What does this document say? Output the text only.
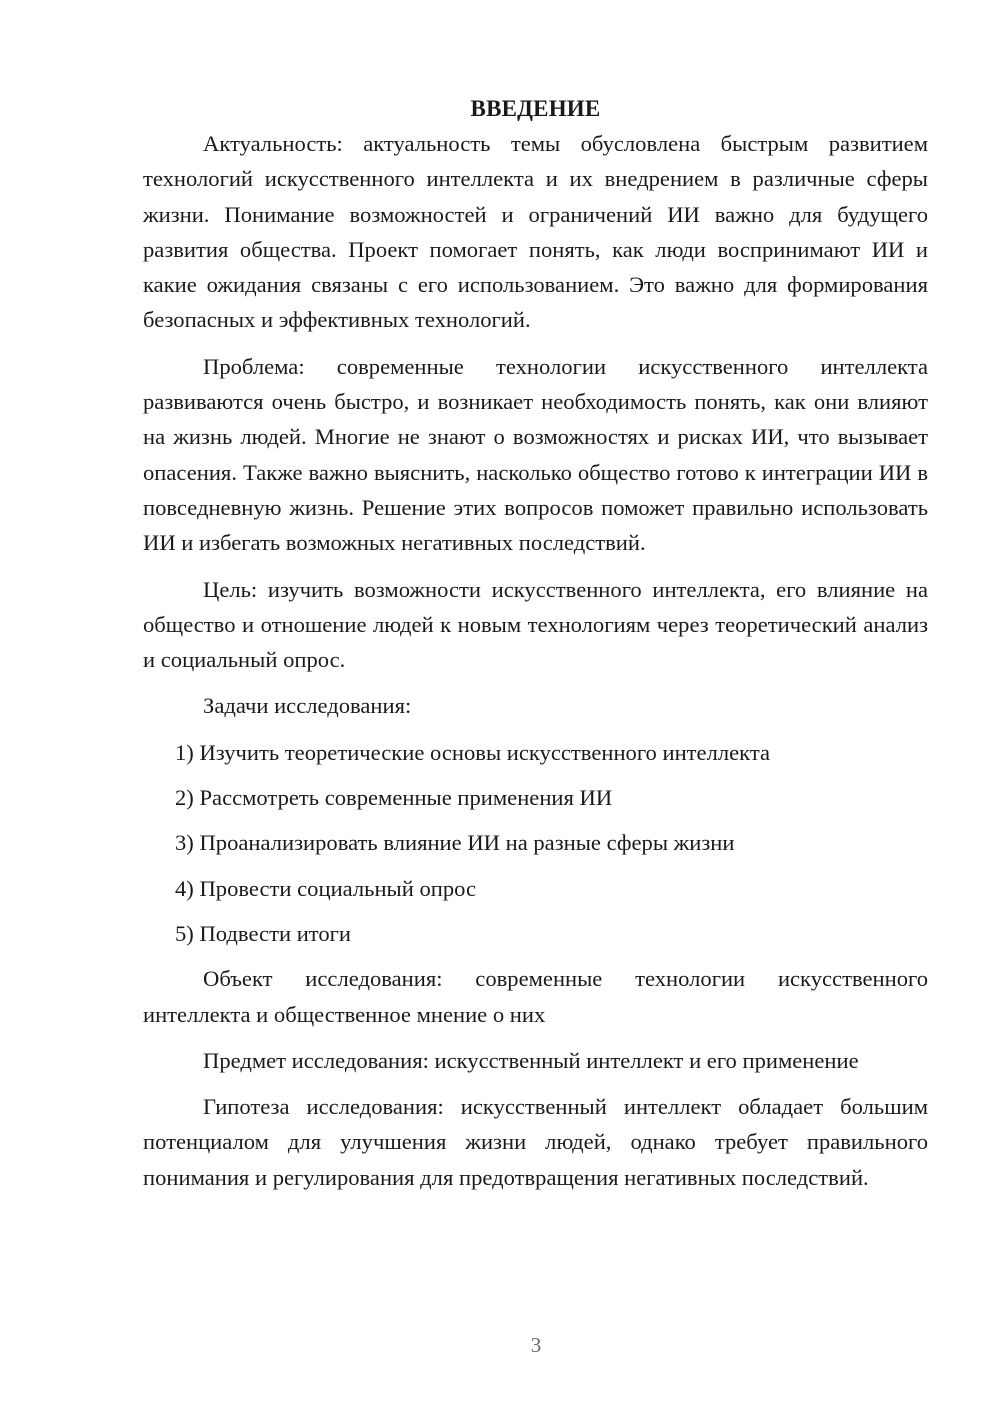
ВВЕДЕНИЕ

Актуальность: актуальность темы обусловлена быстрым развитием технологий искусственного интеллекта и их внедрением в различные сферы жизни. Понимание возможностей и ограничений ИИ важно для будущего развития общества. Проект помогает понять, как люди воспринимают ИИ и какие ожидания связаны с его использованием. Это важно для формирования безопасных и эффективных технологий.

Проблема: современные технологии искусственного интеллекта развиваются очень быстро, и возникает необходимость понять, как они влияют на жизнь людей. Многие не знают о возможностях и рисках ИИ, что вызывает опасения. Также важно выяснить, насколько общество готово к интеграции ИИ в повседневную жизнь. Решение этих вопросов поможет правильно использовать ИИ и избегать возможных негативных последствий.

Цель: изучить возможности искусственного интеллекта, его влияние на общество и отношение людей к новым технологиям через теоретический анализ и социальный опрос.

Задачи исследования:

1) Изучить теоретические основы искусственного интеллекта

2) Рассмотреть современные применения ИИ

3) Проанализировать влияние ИИ на разные сферы жизни

4) Провести социальный опрос

5) Подвести итоги

Объект исследования: современные технологии искусственного интеллекта и общественное мнение о них

Предмет исследования: искусственный интеллект и его применение

Гипотеза исследования: искусственный интеллект обладает большим потенциалом для улучшения жизни людей, однако требует правильного понимания и регулирования для предотвращения негативных последствий.

3
